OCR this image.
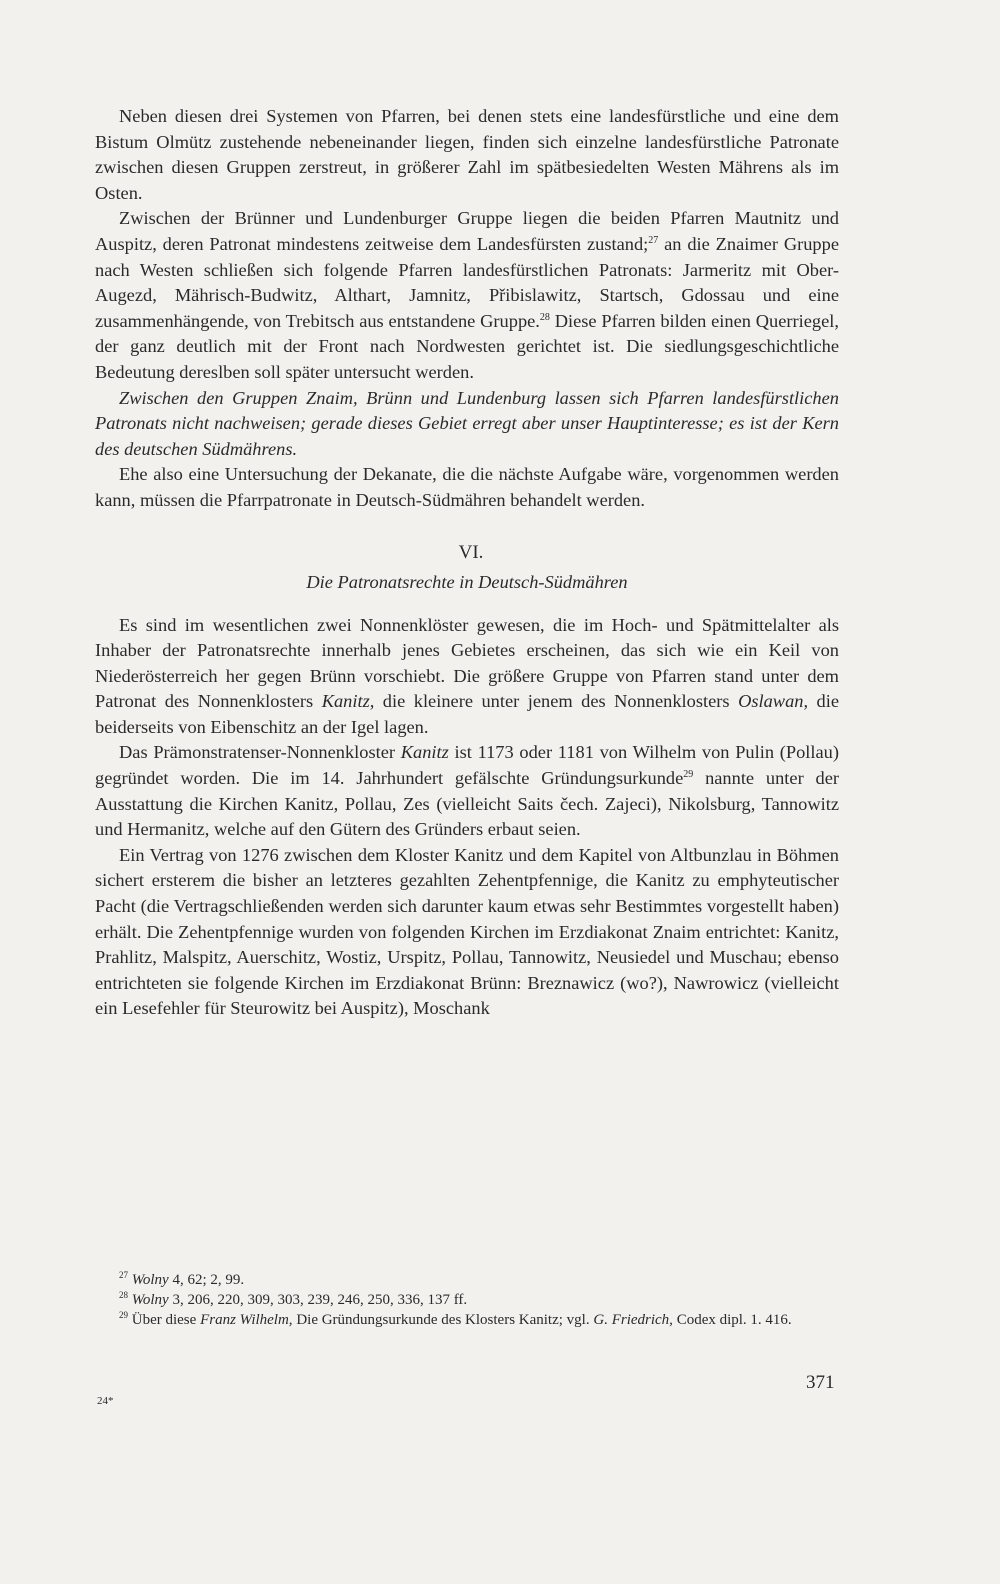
Neben diesen drei Systemen von Pfarren, bei denen stets eine landesfürstliche und eine dem Bistum Olmütz zustehende nebeneinander liegen, finden sich einzelne landesfürstliche Patronate zwischen diesen Gruppen zerstreut, in größerer Zahl im spätbesiedelten Westen Mährens als im Osten.

Zwischen der Brünner und Lundenburger Gruppe liegen die beiden Pfarren Mautnitz und Auspitz, deren Patronat mindestens zeitweise dem Landesfürsten zustand;$^{27}$ an die Znaimer Gruppe nach Westen schließen sich folgende Pfarren landesfürstlichen Patronats: Jarmeritz mit Ober-Augezd, Mährisch-Budwitz, Althart, Jamnitz, Přibislawitz, Startsch, Gdossau und eine zusammenhängende, von Trebitsch aus entstandene Gruppe.$^{28}$ Diese Pfarren bilden einen Querriegel, der ganz deutlich mit der Front nach Nordwesten gerichtet ist. Die siedlungsgeschichtliche Bedeutung dereslben soll später untersucht werden.

Zwischen den Gruppen Znaim, Brünn und Lundenburg lassen sich Pfarren landesfürstlichen Patronats nicht nachweisen; gerade dieses Gebiet erregt aber unser Hauptinteresse; es ist der Kern des deutschen Südmährens.

Ehe also eine Untersuchung der Dekanate, die die nächste Aufgabe wäre, vorgenommen werden kann, müssen die Pfarrpatronate in Deutsch-Südmähren behandelt werden.

VI.
Die Patronatsrechte in Deutsch-Südmähren

Es sind im wesentlichen zwei Nonnenklöster gewesen, die im Hoch- und Spätmittelalter als Inhaber der Patronatsrechte innerhalb jenes Gebietes erscheinen, das sich wie ein Keil von Niederösterreich her gegen Brünn vorschiebt. Die größere Gruppe von Pfarren stand unter dem Patronat des Nonnenklosters Kanitz, die kleinere unter jenem des Nonnenklosters Oslawan, die beiderseits von Eibenschitz an der Igel lagen.

Das Prämonstratenser-Nonnenkloster Kanitz ist 1173 oder 1181 von Wilhelm von Pulin (Pollau) gegründet worden. Die im 14. Jahrhundert gefälschte Gründungsurkunde$^{29}$ nannte unter der Ausstattung die Kirchen Kanitz, Pollau, Zes (vielleicht Saits čech. Zajeci), Nikolsburg, Tannowitz und Hermanitz, welche auf den Gütern des Gründers erbaut seien.

Ein Vertrag von 1276 zwischen dem Kloster Kanitz und dem Kapitel von Altbunzlau in Böhmen sichert ersterem die bisher an letzteres gezahlten Zehentpfennige, die Kanitz zu emphyteutischer Pacht (die Vertragschließenden werden sich darunter kaum etwas sehr Bestimmtes vorgestellt haben) erhält. Die Zehentpfennige wurden von folgenden Kirchen im Erzdiakonat Znaim entrichtet: Kanitz, Prahlitz, Malspitz, Auerschitz, Wostiz, Urspitz, Pollau, Tannowitz, Neusiedel und Muschau; ebenso entrichteten sie folgende Kirchen im Erzdiakonat Brünn: Breznawicz (wo?), Nawrowicz (vielleicht ein Lesefehler für Steurowitz bei Auspitz), Moschank

$^{27}$ Wolny 4, 62; 2, 99.

$^{28}$ Wolny 3, 206, 220, 309, 303, 239, 246, 250, 336, 137 ff.

$^{29}$ Über diese Franz Wilhelm, Die Gründungsurkunde des Klosters Kanitz; vgl. G. Friedrich, Codex dipl. 1. 416.

371
24*
